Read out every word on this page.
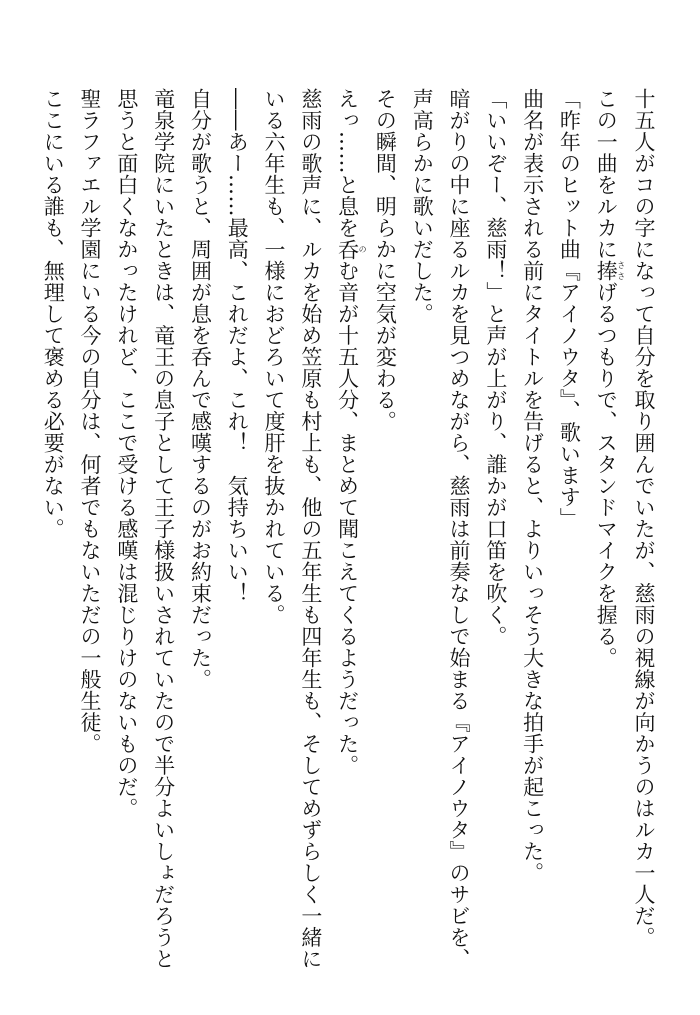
十五人がコの字になって自分を取り囲んでいたが、慈雨の視線が向かうのはルカ一人だ。
この一曲をルカに捧ささげるつもりで、スタンドマイクを握る。
「昨年のヒット曲『アイノウタ』、歌います」
曲名が表示される前にタイトルを告げると、よりいっそう大きな拍手が起こった。
「いいぞー、慈雨！」と声が上がり、誰かが口笛を吹く。
暗がりの中に座るルカを見つめながら、慈雨は前奏なしで始まる『アイノウタ』のサビを、
声高らかに歌いだした。
その瞬間、明らかに空気が変わる。
えっ……と息を呑のむ音が十五人分、まとめて聞こえてくるようだった。
慈雨の歌声に、ルカを始め笠原も村上も、他の五年生も四年生も、そしてめずらしく一緒に
いる六年生も、一様におどろいて度肝を抜かれている。
――あー……最高、これだよ、これ！　気持ちいい！
自分が歌うと、周囲が息を呑んで感嘆するのがお約束だった。
竜泉学院にいたときは、竜王の息子として王子様扱いされていたので半分よいしょだろうと
思うと面白くなかったけれど、ここで受ける感嘆は混じりけのないものだ。
聖ラファエル学園にいる今の自分は、何者でもないただの一般生徒。
ここにいる誰も、無理して褒める必要がない。
